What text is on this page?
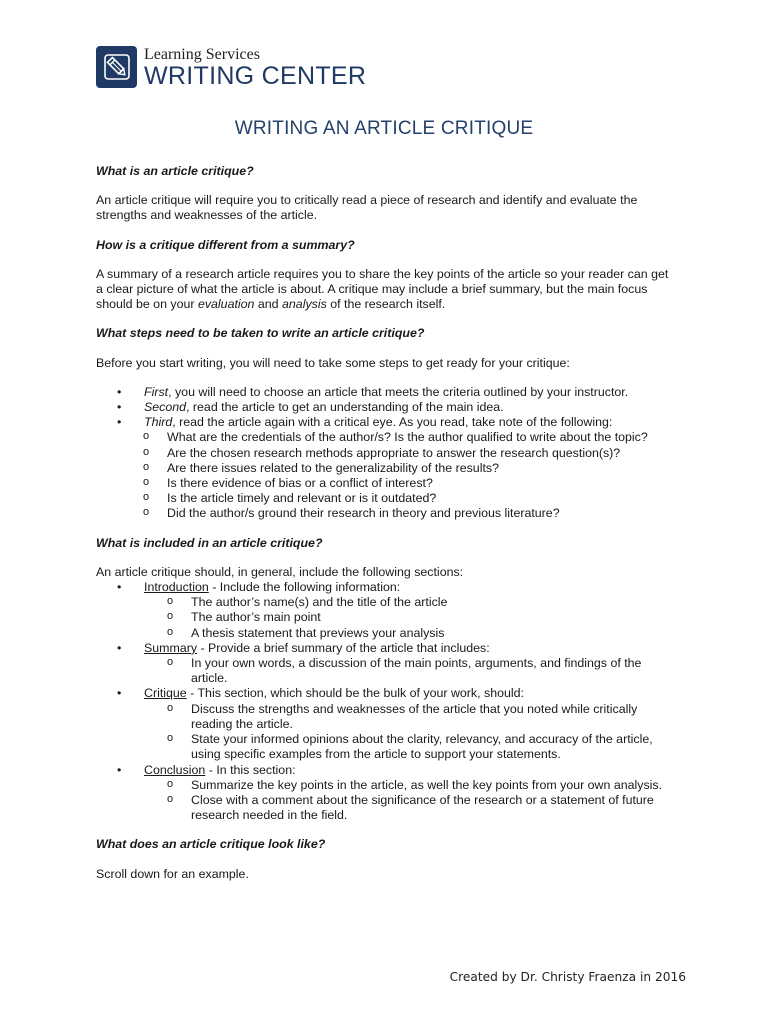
Learning Services
WRITING CENTER
WRITING AN ARTICLE CRITIQUE
What is an article critique?
An article critique will require you to critically read a piece of research and identify and evaluate the strengths and weaknesses of the article.
How is a critique different from a summary?
A summary of a research article requires you to share the key points of the article so your reader can get a clear picture of what the article is about. A critique may include a brief summary, but the main focus should be on your evaluation and analysis of the research itself.
What steps need to be taken to write an article critique?
Before you start writing, you will need to take some steps to get ready for your critique:
• First, you will need to choose an article that meets the criteria outlined by your instructor.
• Second, read the article to get an understanding of the main idea.
• Third, read the article again with a critical eye. As you read, take note of the following:
o What are the credentials of the author/s? Is the author qualified to write about the topic?
o Are the chosen research methods appropriate to answer the research question(s)?
o Are there issues related to the generalizability of the results?
o Is there evidence of bias or a conflict of interest?
o Is the article timely and relevant or is it outdated?
o Did the author/s ground their research in theory and previous literature?
What is included in an article critique?
An article critique should, in general, include the following sections:
• Introduction - Include the following information:
o The author’s name(s) and the title of the article
o The author’s main point
o A thesis statement that previews your analysis
• Summary - Provide a brief summary of the article that includes:
o In your own words, a discussion of the main points, arguments, and findings of the article.
• Critique - This section, which should be the bulk of your work, should:
o Discuss the strengths and weaknesses of the article that you noted while critically reading the article.
o State your informed opinions about the clarity, relevancy, and accuracy of the article, using specific examples from the article to support your statements.
• Conclusion - In this section:
o Summarize the key points in the article, as well the key points from your own analysis.
o Close with a comment about the significance of the research or a statement of future research needed in the field.
What does an article critique look like?
Scroll down for an example.
Created by Dr. Christy Fraenza in 2016
